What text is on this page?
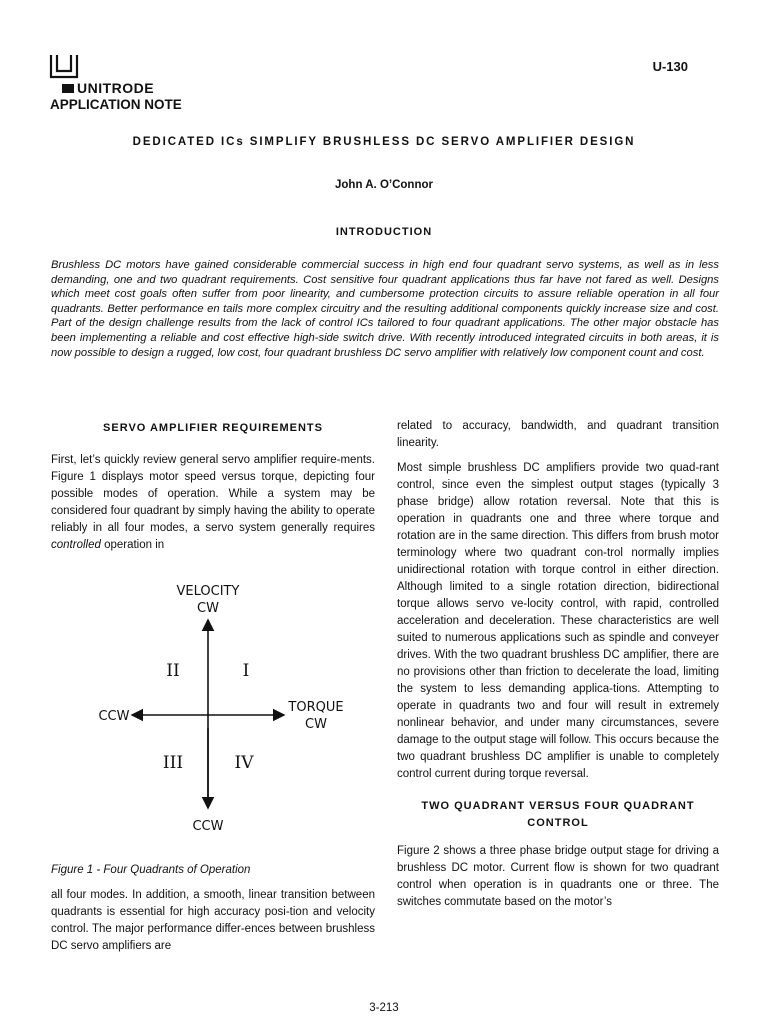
UNITRODE
APPLICATION NOTE
U-130
DEDICATED ICs SIMPLIFY BRUSHLESS DC SERVO AMPLIFIER DESIGN
John A. O’Connor
INTRODUCTION
Brushless DC motors have gained considerable commercial success in high end four quadrant servo systems, as well as in less demanding, one and two quadrant requirements. Cost sensitive four quadrant applications thus far have not fared as well. Designs which meet cost goals often suffer from poor linearity, and cumbersome protection circuits to assure reliable operation in all four quadrants. Better performance en tails more complex circuitry and the resulting additional components quickly increase size and cost. Part of the design challenge results from the lack of control ICs tailored to four quadrant applications. The other major obstacle has been implementing a reliable and cost effective high-side switch drive. With recently introduced integrated circuits in both areas, it is now possible to design a rugged, low cost, four quadrant brushless DC servo amplifier with relatively low component count and cost.
SERVO AMPLIFIER REQUIREMENTS

First, let’s quickly review general servo amplifier require-ments. Figure 1 displays motor speed versus torque, depicting four possible modes of operation. While a system may be considered four quadrant by simply having the ability to operate reliably in all four modes, a servo system generally requires controlled operation in

VELOCITY
CW
CCW
TORQUE
CW
CCW
II	I
III	IV
Figure 1 - Four Quadrants of Operation
all four modes. In addition, a smooth, linear transition between quadrants is essential for high accuracy posi-tion and velocity control. The major performance differ-ences between brushless DC servo amplifiers are

related to accuracy, bandwidth, and quadrant transition linearity.

Most simple brushless DC amplifiers provide two quad-rant control, since even the simplest output stages (typically 3 phase bridge) allow rotation reversal. Note that this is operation in quadrants one and three where torque and rotation are in the same direction. This differs from brush motor terminology where two quadrant con-trol normally implies unidirectional rotation with torque control in either direction. Although limited to a single rotation direction, bidirectional torque allows servo ve-locity control, with rapid, controlled acceleration and deceleration. These characteristics are well suited to numerous applications such as spindle and conveyer drives. With the two quadrant brushless DC amplifier, there are no provisions other than friction to decelerate the load, limiting the system to less demanding applica-tions. Attempting to operate in quadrants two and four will result in extremely nonlinear behavior, and under many circumstances, severe damage to the output stage will follow. This occurs because the two quadrant brushless DC amplifier is unable to completely control current during torque reversal.

TWO QUADRANT VERSUS FOUR QUADRANT CONTROL

Figure 2 shows a three phase bridge output stage for driving a brushless DC motor. Current flow is shown for two quadrant control when operation is in quadrants one or three. The switches commutate based on the motor’s

3-213
